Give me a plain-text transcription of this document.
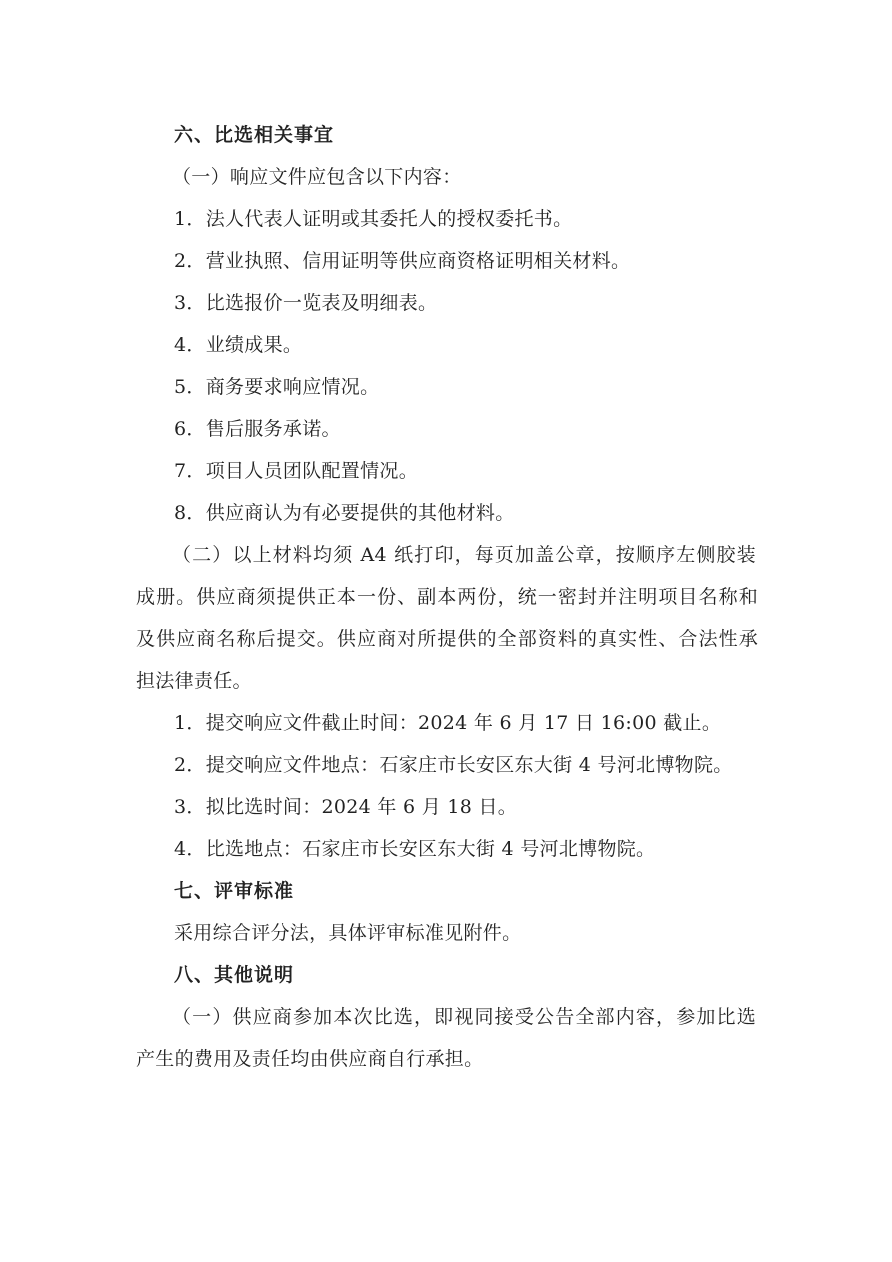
六、比选相关事宜
（一）响应文件应包含以下内容：
1．法人代表人证明或其委托人的授权委托书。
2．营业执照、信用证明等供应商资格证明相关材料。
3．比选报价一览表及明细表。
4．业绩成果。
5．商务要求响应情况。
6．售后服务承诺。
7．项目人员团队配置情况。
8．供应商认为有必要提供的其他材料。
（二）以上材料均须 A4 纸打印，每页加盖公章，按顺序左侧胶装
成册。供应商须提供正本一份、副本两份，统一密封并注明项目名称和
及供应商名称后提交。供应商对所提供的全部资料的真实性、合法性承
担法律责任。
1．提交响应文件截止时间：2024 年 6 月 17 日 16:00 截止。
2．提交响应文件地点：石家庄市长安区东大街 4 号河北博物院。
3．拟比选时间：2024 年 6 月 18 日。
4．比选地点：石家庄市长安区东大街 4 号河北博物院。
七、评审标准
采用综合评分法，具体评审标准见附件。
八、其他说明
（一）供应商参加本次比选，即视同接受公告全部内容，参加比选
产生的费用及责任均由供应商自行承担。
